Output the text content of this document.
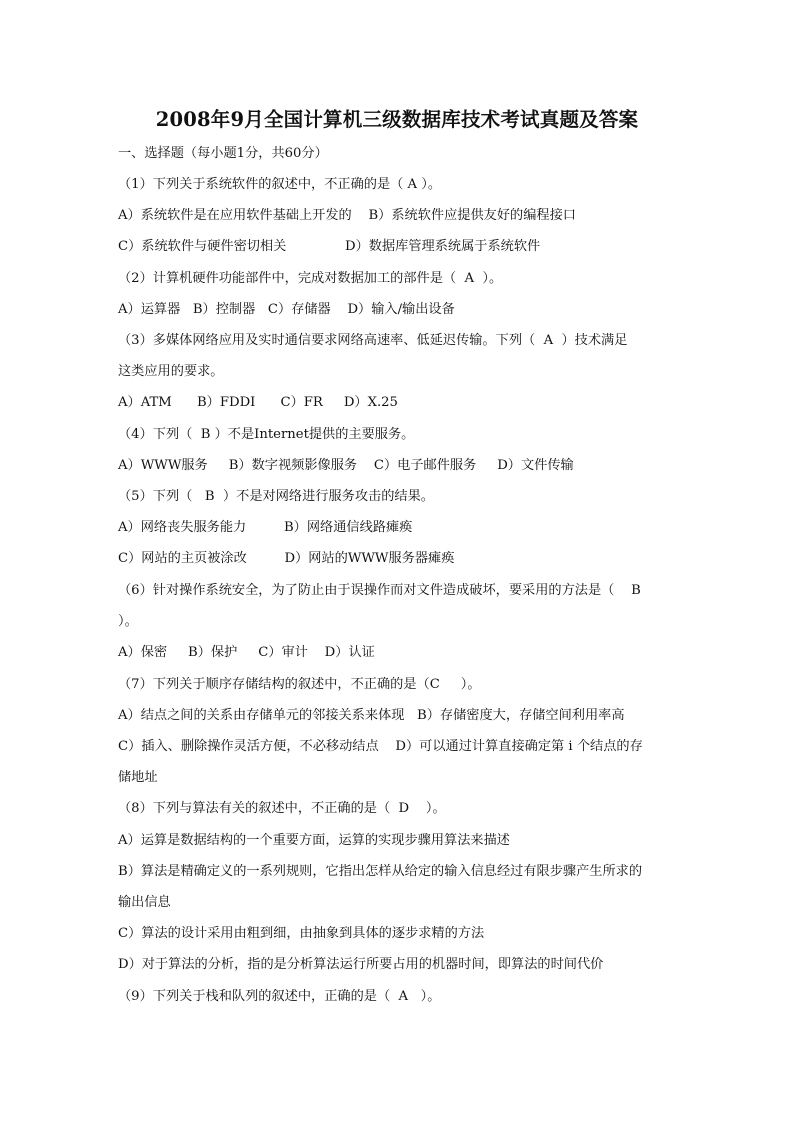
2008年9月全国计算机三级数据库技术考试真题及答案
一、选择题（每小题1分，共60分）
（1）下列关于系统软件的叙述中，不正确的是（ A ）。
A）系统软件是在应用软件基础上开发的    B）系统软件应提供友好的编程接口
C）系统软件与硬件密切相关              D）数据库管理系统属于系统软件
（2）计算机硬件功能部件中，完成对数据加工的部件是（  A  ）。
A）运算器   B）控制器   C）存储器    D）输入/输出设备
（3）多媒体网络应用及实时通信要求网络高速率、低延迟传输。下列（  A  ）技术满足
这类应用的要求。
A）ATM      B）FDDI      C）FR     D）X.25
（4）下列（  B ）不是Internet提供的主要服务。
A）WWW服务     B）数字视频影像服务    C）电子邮件服务     D）文件传输
（5）下列（   B  ）不是对网络进行服务攻击的结果。
A）网络丧失服务能力         B）网络通信线路瘫痪
C）网站的主页被涂改         D）网站的WWW服务器瘫痪
（6）针对操作系统安全，为了防止由于误操作而对文件造成破坏，要采用的方法是（    B
）。
A）保密     B）保护     C）审计    D）认证
（7）下列关于顺序存储结构的叙述中，不正确的是（C     ）。
A）结点之间的关系由存储单元的邻接关系来体现   B）存储密度大，存储空间利用率高
C）插入、删除操作灵活方便，不必移动结点    D）可以通过计算直接确定第 i 个结点的存
储地址
（8）下列与算法有关的叙述中，不正确的是（  D    ）。
A）运算是数据结构的一个重要方面，运算的实现步骤用算法来描述
B）算法是精确定义的一系列规则，它指出怎样从给定的输入信息经过有限步骤产生所求的
输出信息
C）算法的设计采用由粗到细，由抽象到具体的逐步求精的方法
D）对于算法的分析，指的是分析算法运行所要占用的机器时间，即算法的时间代价
（9）下列关于栈和队列的叙述中，正确的是（  A   ）。
